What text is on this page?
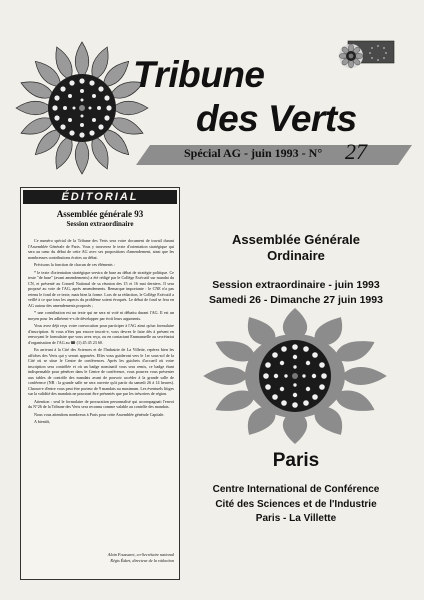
Tribune
des Verts
Spécial AG - juin 1993 - N° 27
ÉDITORIAL
Assemblée générale 93
Session extraordinaire

Ce numéro spécial de la Tribune des Verts sera votre document de travail durant l'Assemblée Générale de Paris. Vous y trouverez le texte d'orientation stratégique qui sera au cœur du débat de cette AG avec ses propositions d'amendement, ainsi que les nombreuses contributions écrites au débat.

Précisons la fonction de chacun de ces éléments :

* le texte d'orientation stratégique servira de base au débat de stratégie politique. Ce texte "de base" (avant amendements) a été rédigé par le Collège Exécutif sur mandat du CN, et présenté au Conseil National de sa réunion des 15 et 16 mai derniers. Il sera proposé au vote de l'AG, après amendements. Remarque importante : le CNE n'a pas retenu le fond de ce texte, mais bien la forme. Lors de sa rédaction, le Collège Exécutif a veillé à ce que tous les aspects du problème soient évoqués. Le débat de fond se fera en AG autour des amendements proposés ;

* une contribution est un texte qui ne sera ni voté ni débattu durant l'AG. Il est un moyen pour les adhérent-e-s de développer par écrit leurs arguments.

Vous avez déjà reçu votre convocation pour participer à l'AG ainsi qu'un formulaire d'inscription. Si vous n'êtes pas encore inscrit-e, vous devrez le faire dès à présent en renvoyant le formulaire que vous avez reçu, ou en contactant Emmanuelle au secrétariat d'organisation de l'AG au ☎ (1) 45 45 23 60.

En arrivant à la Cité des Sciences et de l'Industrie de La Villette, repérez bien les affiches des Verts qui y seront apposées. Elles vous guideront vers le 1er sous-sol de la Cité où se situe le Centre de conférences. Après les guichets d'accueil où votre inscription sera contrôlée et où un badge nominatif vous sera remis, ce badge étant indispensable pour pénétrer dans le Centre de conférence, vous pourrez vous présenter aux tables de contrôle des mandats avant de pouvoir accéder à la grande salle de conférence (NB : la grande salle ne sera ouverte qu'à partir du samedi 26 à 14 heures). Chacun-e d'entre vous peut être porteur de 9 mandats au maximum. Les éventuels litiges sur la validité des mandats ne pourront être présentés que par les trésoriers de région.

Attention : seul le formulaire de procuration personnalisé qui accompagnait l'envoi du N°26 de la Tribune des Verts sera reconnu comme valable au contrôle des mandats.

Nous vous attendons nombreux à Paris pour cette Assemblée générale Capitale.

A bientôt,

Alain Foussaret, co-Secrétaire national
Régis Édart, directeur de la rédaction
Assemblée Générale
Ordinaire
Session extraordinaire - juin 1993
Samedi 26 - Dimanche 27 juin 1993
Paris
Centre International de Conférence
Cité des Sciences et de l'Industrie
Paris - La Villette
